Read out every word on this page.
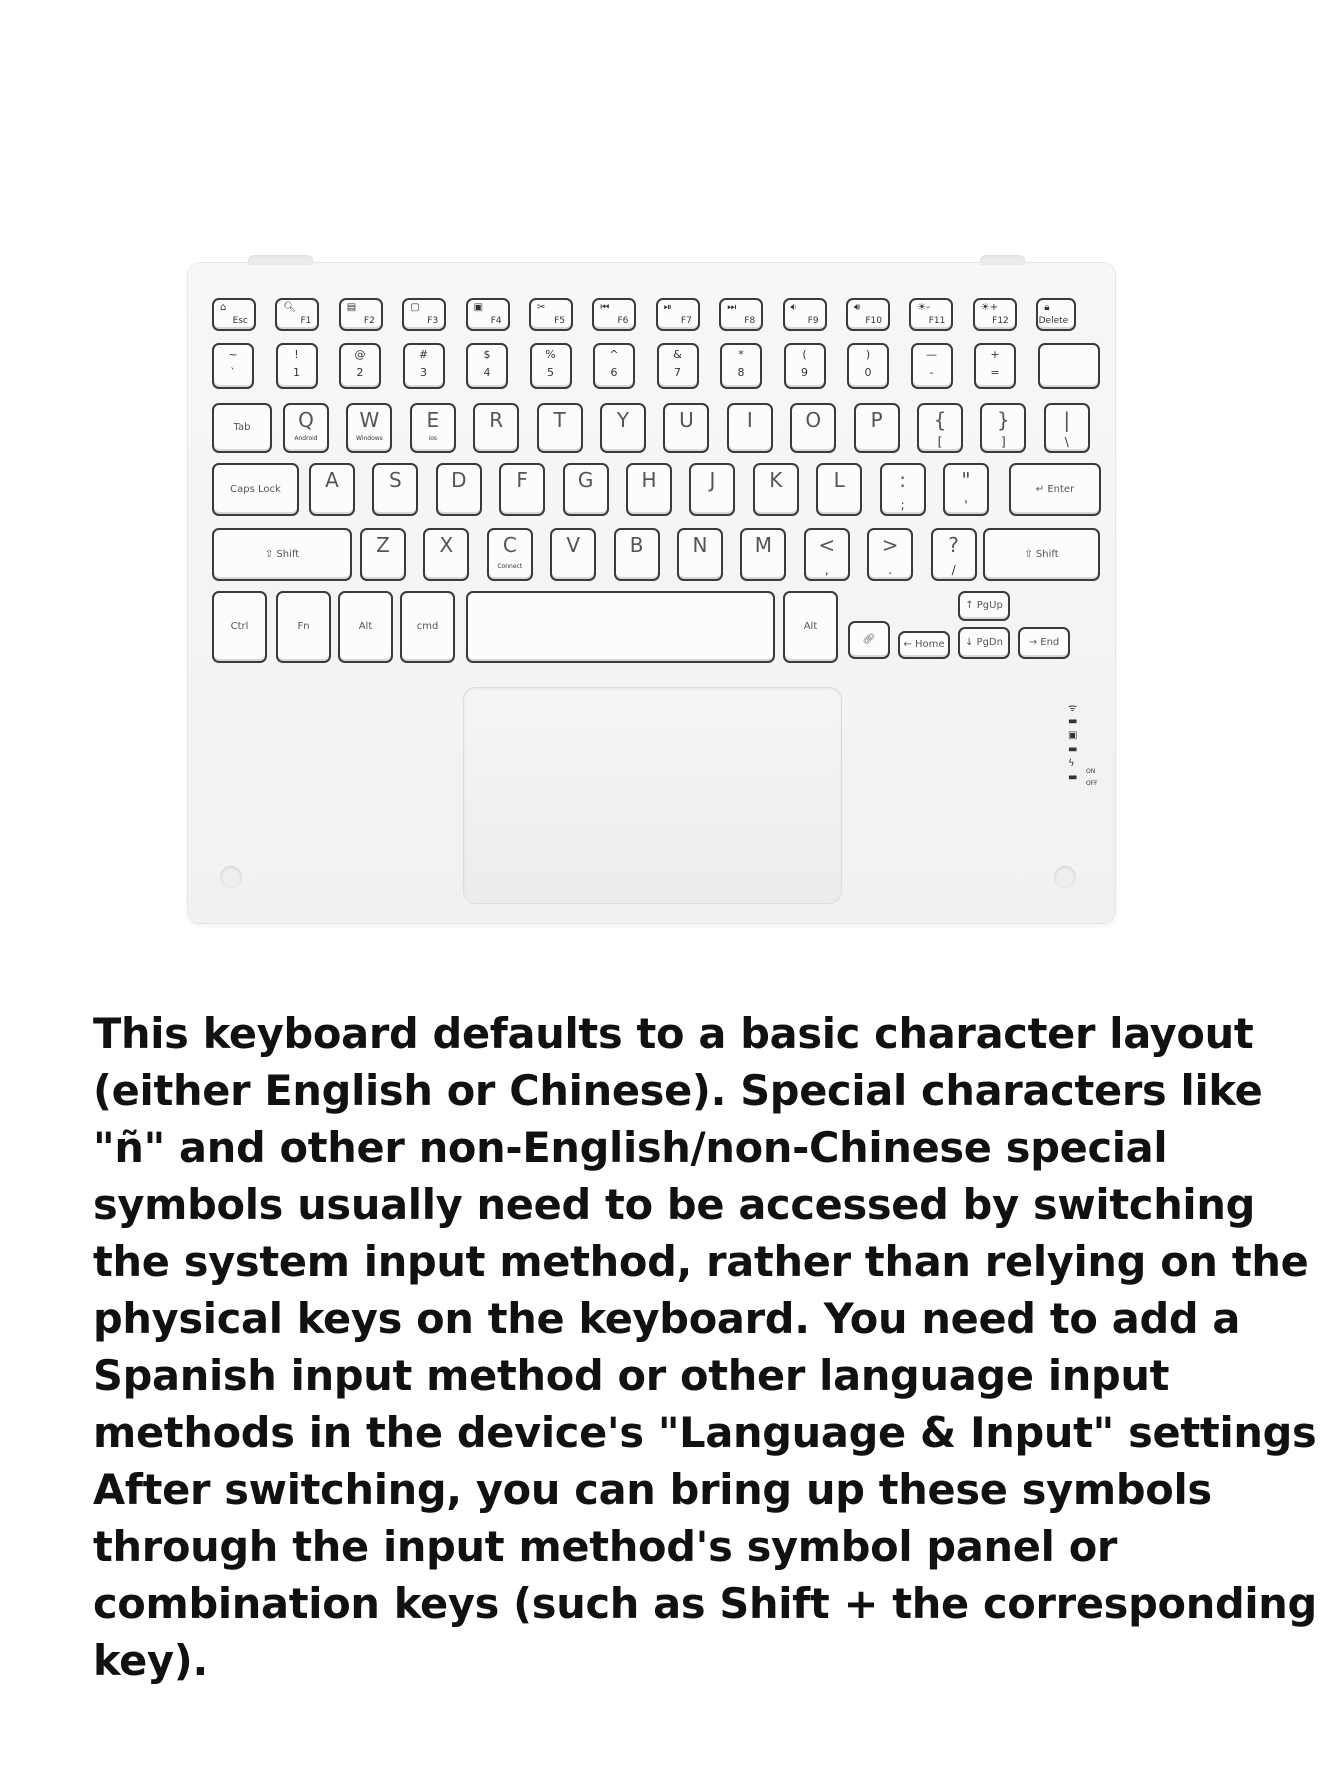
⌂
Esc
🔍︎
F1
▤
F2
▢
F3
▣
F4
✂
F5
⏮
F6
⏯
F7
⏭
F8
🔉︎
F9
🔊︎
F10
☀-
F11
☀+
F12
🔒︎
Delete
~
`
!
1
@
2
#
3
$
4
%
5
^
6
&
7
*
8
(
9
)
0
—
-
+
=
Tab	Q
Android
W
Windows
E
ios
R	T	Y	U	I	O	P	{
[
}
]
|
\
Caps Lock	A	S	D	F	G	H	J	K	L	:
;
"
'
↵ Enter
⇧ Shift	Z	X	C
Connect
V	B	N	M	<
,
>
.
?
/
⇧ Shift
Ctrl	Fn	Alt	cmd	Alt
🔗︎	← Home
↑ PgUp
↓ PgDn	→ End
ᯤ
▬
▣
▬
ϟ
▬
ON
OFF
This keyboard defaults to a basic character layout
(either English or Chinese). Special characters like
"ñ" and other non-English/non-Chinese special
symbols usually need to be accessed by switching
the system input method, rather than relying on the
physical keys on the keyboard. You need to add a
Spanish input method or other language input
methods in the device's "Language & Input" settings
After switching, you can bring up these symbols
through the input method's symbol panel or
combination keys (such as Shift + the corresponding
key).
